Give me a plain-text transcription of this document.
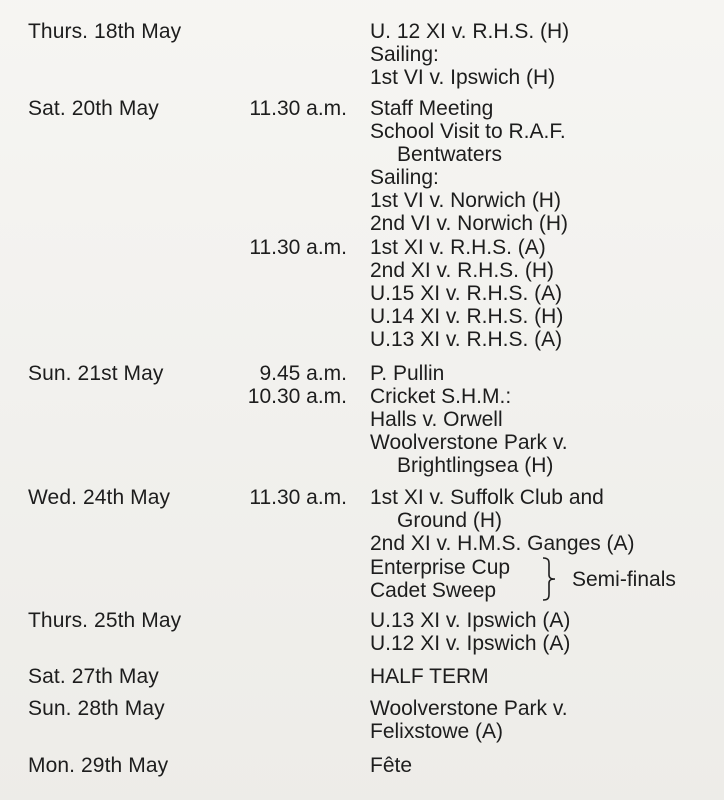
Thurs. 18th May	U. 12 XI v. R.H.S. (H)
Sailing:
1st VI v. Ipswich (H)
Sat. 20th May	11.30 a.m. Staff Meeting
School Visit to R.A.F.
Bentwaters
Sailing:
1st VI v. Norwich (H)
2nd VI v. Norwich (H)
11.30 a.m. 1st XI v. R.H.S. (A)
2nd XI v. R.H.S. (H)
U.15 XI v. R.H.S. (A)
U.14 XI v. R.H.S. (H)
U.13 XI v. R.H.S. (A)
Sun. 21st May	9.45 a.m. P. Pullin
10.30 a.m. Cricket S.H.M.:
Halls v. Orwell
Woolverstone Park v.
Brightlingsea (H)
Wed. 24th May	11.30 a.m. 1st XI v. Suffolk Club and
Ground (H)
2nd XI v. H.M.S. Ganges (A)
Enterprise Cup
Cadet Sweep	Semi-finals
Thurs. 25th May	U.13 XI v. Ipswich (A)
U.12 XI v. Ipswich (A)
Sat. 27th May	HALF TERM
Sun. 28th May	Woolverstone Park v.
Felixstowe (A)
Mon. 29th May	Fête
